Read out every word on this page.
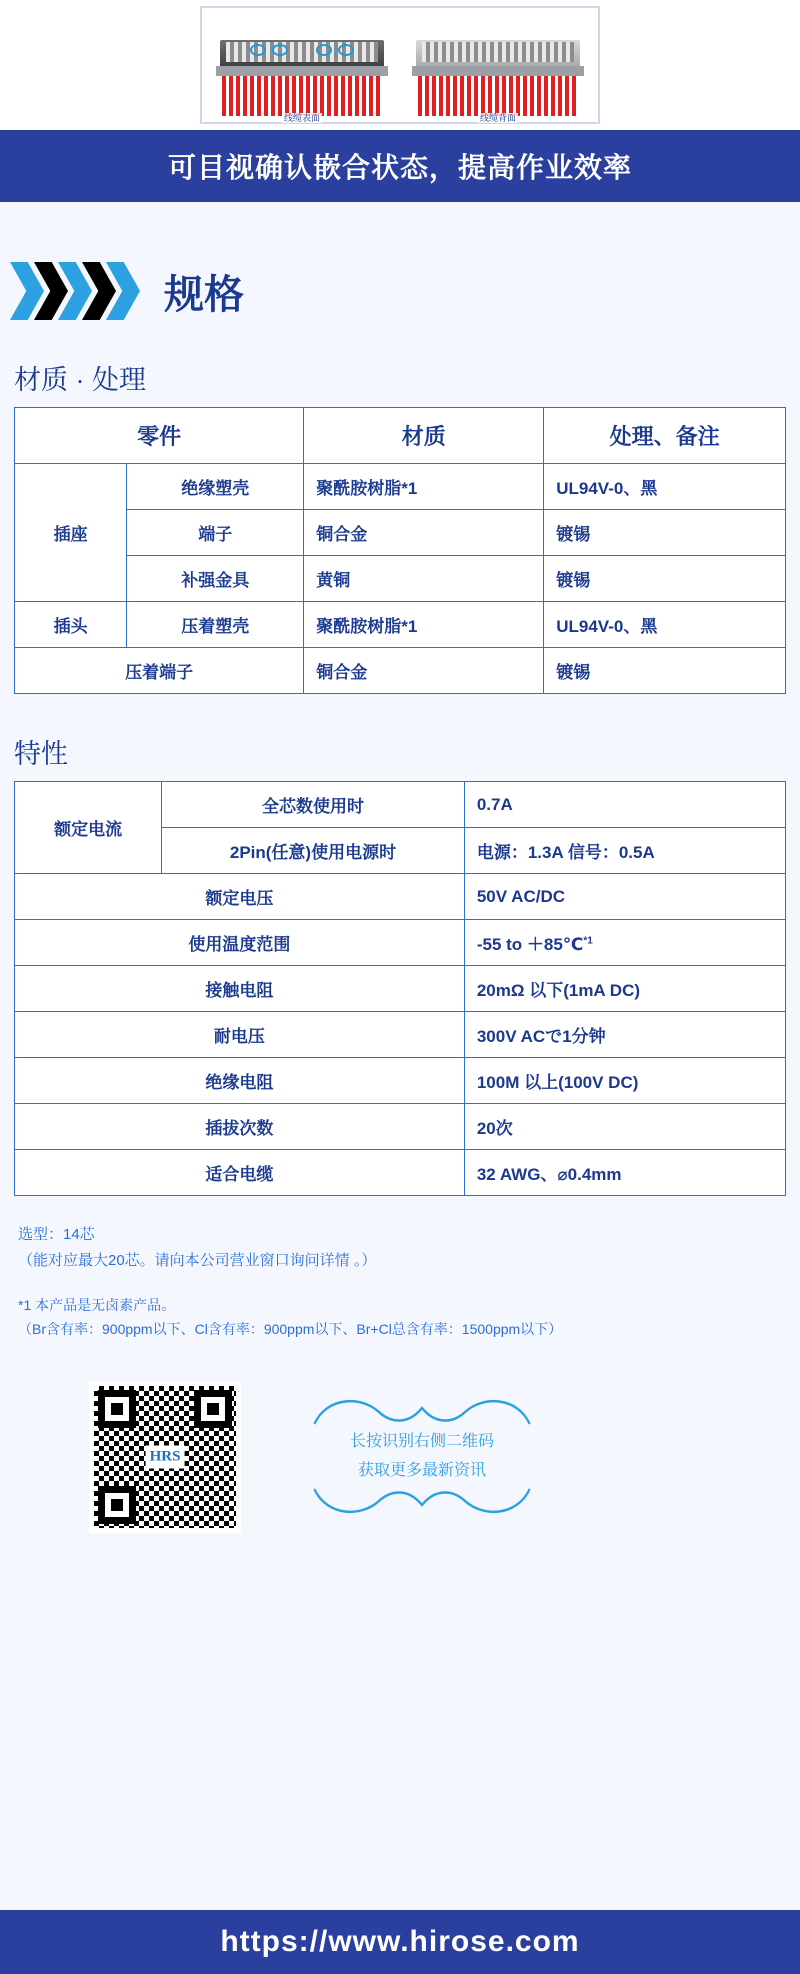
线缆表面	线缆背面
可目视确认嵌合状态，提高作业效率
规格
材质 · 处理
零件		材质	处理、备注
插座	绝缘塑壳	聚酰胺树脂*1	UL94V-0、黑
	端子	铜合金	镀锡
	补强金具	黄铜	镀锡
插头	压着塑壳	聚酰胺树脂*1	UL94V-0、黑
压着端子		铜合金	镀锡
特性
额定电流	全芯数使用时	0.7A
	2Pin(任意)使用电源时	电源：1.3A 信号：0.5A
额定电压		50V AC/DC
使用温度范围		-55 to ＋85℃$^{*1}$
接触电阻		20mΩ 以下(1mA DC)
耐电压		300V ACで1分钟
绝缘电阻		100M 以上(100V DC)
插拔次数		20次
适合电缆		32 AWG、⌀0.4mm
选型：14芯
（能对应最大20芯。请向本公司营业窗口询问详情 。）
*1 本产品是无卤素产品。
（Br含有率：900ppm以下、Cl含有率：900ppm以下、Br+Cl总含有率：1500ppm以下）
HRS
长按识别右侧二维码
获取更多最新资讯
https://www.hirose.com
